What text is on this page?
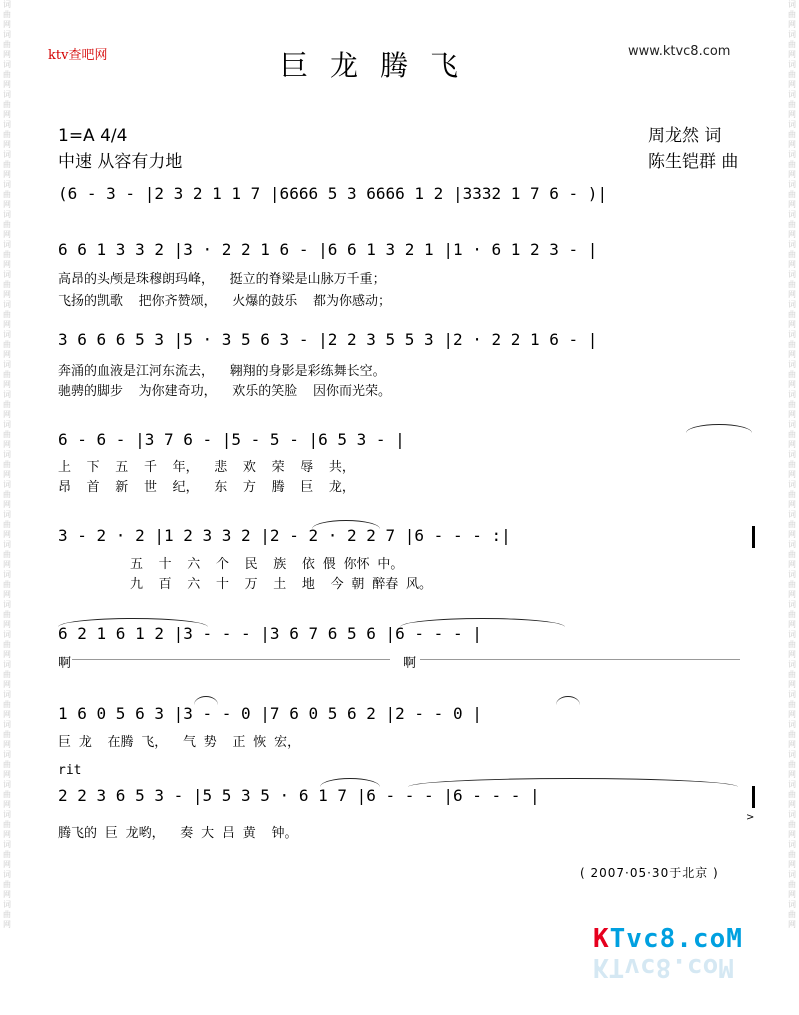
词曲网词曲网词曲网词曲网词曲网词曲网词曲网词曲网词曲网词曲网词曲网词曲网词曲网词曲网词曲网词曲网词曲网词曲网词曲网词曲网词曲网词曲网词曲网词曲网词曲网词曲网词曲网词曲网词曲网词曲网词曲网
词曲网词曲网词曲网词曲网词曲网词曲网词曲网词曲网词曲网词曲网词曲网词曲网词曲网词曲网词曲网词曲网词曲网词曲网词曲网词曲网词曲网词曲网词曲网词曲网词曲网词曲网词曲网词曲网词曲网词曲网词曲网
ktv查吧网	巨龙腾飞	www.ktvc8.com
1=A 4/4
中速 从容有力地
周龙然 词
陈生铠群 曲
(6 - 3 - |2 3 2 1 1 7 |6666 5 3 6666 1 2 |3332 1 7 6 - )|
6 6 1 3 3 2 |3 · 2 2 1 6 - |6 6 1 3 2 1 |1 · 6 1 2 3 - |
高昂的头颅是珠穆朗玛峰，  挺立的脊梁是山脉万千重；
飞扬的凯歌  把你齐赞颂，  火爆的鼓乐  都为你感动；
3 6 6 6 5 3 |5 · 3 5 6 3 - |2 2 3 5 5 3 |2 · 2 2 1 6 - |
奔涌的血液是江河东流去，  翱翔的身影是彩练舞长空。
驰骋的脚步  为你建奇功，  欢乐的笑脸  因你而光荣。
6 - 6 - |3 7 6 - |5 - 5 - |6 5 3 - |
上  下  五  千  年，  悲  欢  荣  辱  共，
昂  首  新  世  纪，  东  方  腾  巨  龙，
3 - 2 · 2 |1 2 3 3 2 |2 - 2 · 2 2 7 |6 - - - :|
五  十  六  个  民  族  依 偎 你怀 中。
九  百  六  十  万  土  地  今 朝 醉春 风。
6 2 1 6 1 2 |3 - - - |3 6 7 6 5 6 |6 - - - |
啊	啊
1 6 0 5 6 3 |3 - - 0 |7 6 0 5 6 2 |2 - - 0 |
巨 龙  在腾 飞，  气 势  正 恢 宏，
rit
2 2 3 6 5 3 - |5 5 3 5 · 6 1 7 |6 - - - |6 - - - |
>
腾飞的 巨 龙哟，  奏 大 吕 黄  钟。
( 2007·05·30于北京 )
KTvc8.coM
KTvc8.coM
